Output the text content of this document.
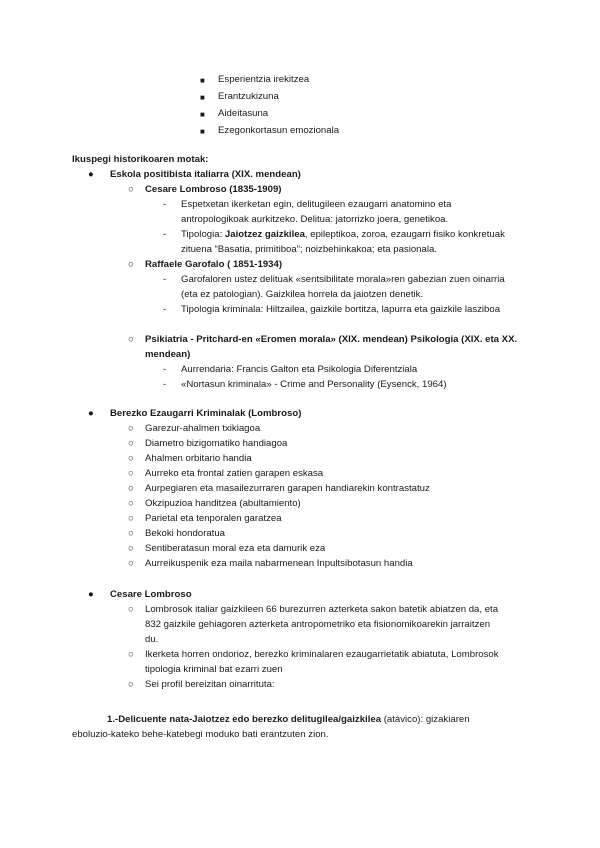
■ Esperientzia irekitzea
■ Erantzukizuna
■ Aideitasuna
■ Ezegonkortasun emozionala
Ikuspegi historikoaren motak:
● Eskola positibista italiarra (XIX. mendean)
○ Cesare Lombroso (1835-1909)
- Espetxetan ikerketan egin, delitugileen ezaugarri anatomino eta
antropologikoak aurkitzeko. Delitua: jatorrizko joera, genetikoa.
- Tipologia: Jaiotzez gaizkilea, epileptikoa, zoroa, ezaugarri fisiko konkretuak
zituena “Basatia, primitiboa”; noizbehinkakoa; eta pasionala.
○ Raffaele Garofalo ( 1851-1934)
- Garofaloren ustez delituak «sentsibilitate morala»ren gabezian zuen oinarria
(eta ez patologian). Gaizkilea horrela da jaiotzen denetik.
- Tipologia kriminala: Hiltzailea, gaizkile bortitza, lapurra eta gaizkile lasziboa
○ Psikiatria - Pritchard-en «Eromen morala» (XIX. mendean) Psikologia (XIX. eta XX.
mendean)
- Aurrendaria: Francis Galton eta Psikologia Diferentziala
- «Nortasun kriminala» - Crime and Personality (Eysenck, 1964)
● Berezko Ezaugarri Kriminalak (Lombroso)
○ Garezur-ahalmen txikiagoa
○ Diametro bizigomatiko handiagoa
○ Ahalmen orbitario handia
○ Aurreko eta frontal zatien garapen eskasa
○ Aurpegiaren eta masailezurraren garapen handiarekin kontrastatuz
○ Okzipuzioa handitzea (abultamiento)
○ Parietal eta tenporalen garatzea
○ Bekoki hondoratua
○ Sentiberatasun moral eza eta damurik eza
○ Aurreikuspenik eza maila nabarmenean Inpultsibotasun handia
● Cesare Lombroso
○ Lombrosok italiar gaizkileen 66 burezurren azterketa sakon batetik abiatzen da, eta
832 gaizkile gehiagoren azterketa antropometriko eta fisionomikoarekin jarraitzen
du.
○ Ikerketa horren ondorioz, berezko kriminalaren ezaugarrietatik abiatuta, Lombrosok
tipologia kriminal bat ezarri zuen
○ Sei profil bereizitan oinarrituta:
1.-Delicuente nata-Jaiotzez edo berezko delitugilea/gaizkilea (atávico): gizakiaren
eboluzio-kateko behe-katebegi moduko bati erantzuten zion.
